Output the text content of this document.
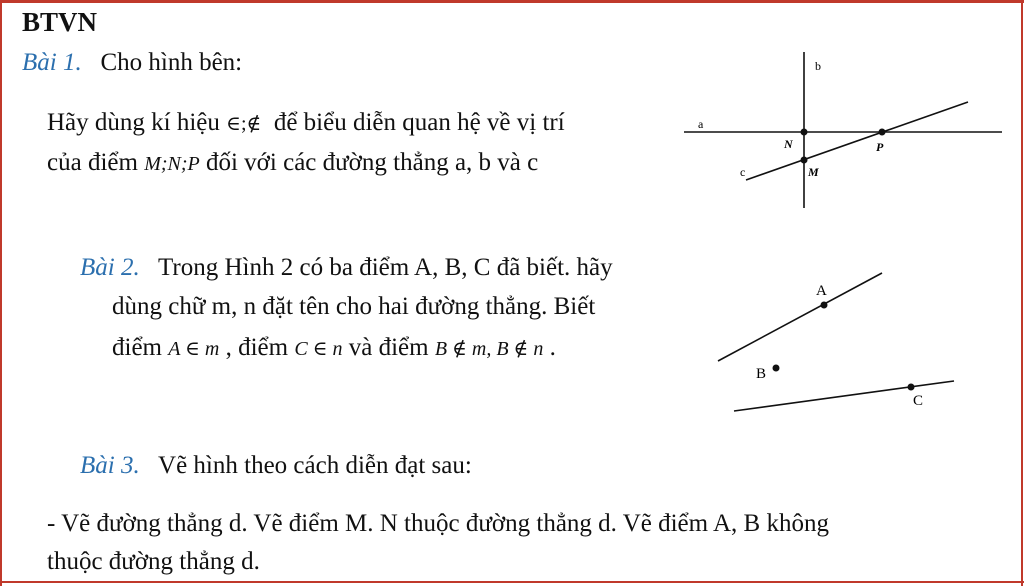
BTVN
Bài 1. Cho hình bên:
Hãy dùng kí hiệu ∈;∉ để biểu diễn quan hệ về vị trí
của điểm M;N;P đối với các đường thẳng a, b và c
b
a
c
N	P
M
Bài 2. Trong Hình 2 có ba điểm A, B, C đã biết. hãy
dùng chữ m, n đặt tên cho hai đường thẳng. Biết
điểm A ∈ m , điểm C ∈ n và điểm B ∉ m, B ∉ n .
A
B
C
Bài 3. Vẽ hình theo cách diễn đạt sau:
- Vẽ đường thẳng d. Vẽ điểm M. N thuộc đường thẳng d. Vẽ điểm A, B không
thuộc đường thẳng d.
